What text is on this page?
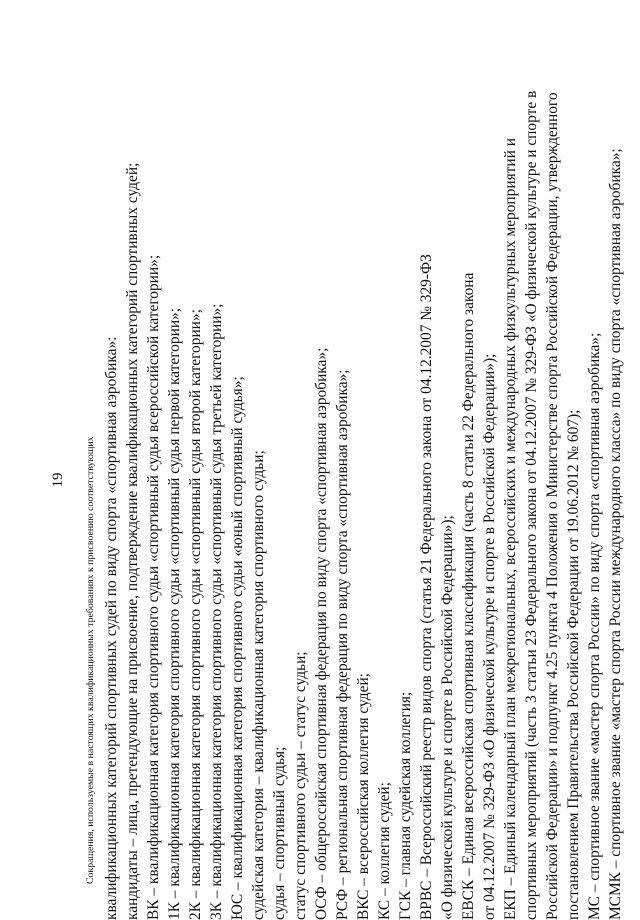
19	Сокращения, используемые в настоящих квалификационных требованиях к присвоению соответствующих квалификационных категорий спортивных судей по виду спорта «спортивная аэробика»: кандидаты – лица, претендующие на присвоение, подтверждение квалификационных категорий спортивных судей; ВК – квалификационная категория спортивного судьи «спортивный судья всероссийской категории»; 1К – квалификационная категория спортивного судьи «спортивный судья первой категории»; 2К – квалификационная категория спортивного судьи «спортивный судья второй категории»; 3К – квалификационная категория спортивного судьи «спортивный судья третьей категории»; ЮС – квалификационная категория спортивного судьи «юный спортивный судья»; судейская категория – квалификационная категория спортивного судьи; судья – спортивный судья; статус спортивного судьи – статус судьи; ОСФ – общероссийская спортивная федерация по виду спорта «спортивная аэробика»; РСФ – региональная спортивная федерация по виду спорта «спортивная аэробика»; ВКС – всероссийская коллегия судей; КС – коллегия судей; ГСК – главная судейская коллегия; ВРВС – Всероссийский реестр видов спорта (статья 21 Федерального закона от 04.12.2007 № 329-ФЗ «О физической культуре и спорте в Российской Федерации»); ЕВСК – Единая всероссийская спортивная классификация (часть 8 статьи 22 Федерального закона от 04.12.2007 № 329-ФЗ «О физической культуре и спорте в Российской Федерации»); ЕКП – Единый календарный план межрегиональных, всероссийских и международных физкультурных мероприятий и спортивных мероприятий (часть 3 статьи 23 Федерального закона от 04.12.2007 № 329-ФЗ «О физической культуре и спорте в Российской Федерации» и подпункт 4.25 пункта 4 Положения о Министерстве спорта Российской Федерации, утвержденного постановлением Правительства Российской Федерации от 19.06.2012 № 607); МС – спортивное звание «мастер спорта России» по виду спорта «спортивная аэробика»; МСМК – спортивное звание «мастер спорта России международного класса» по виду спорта «спортивная аэробика»;
